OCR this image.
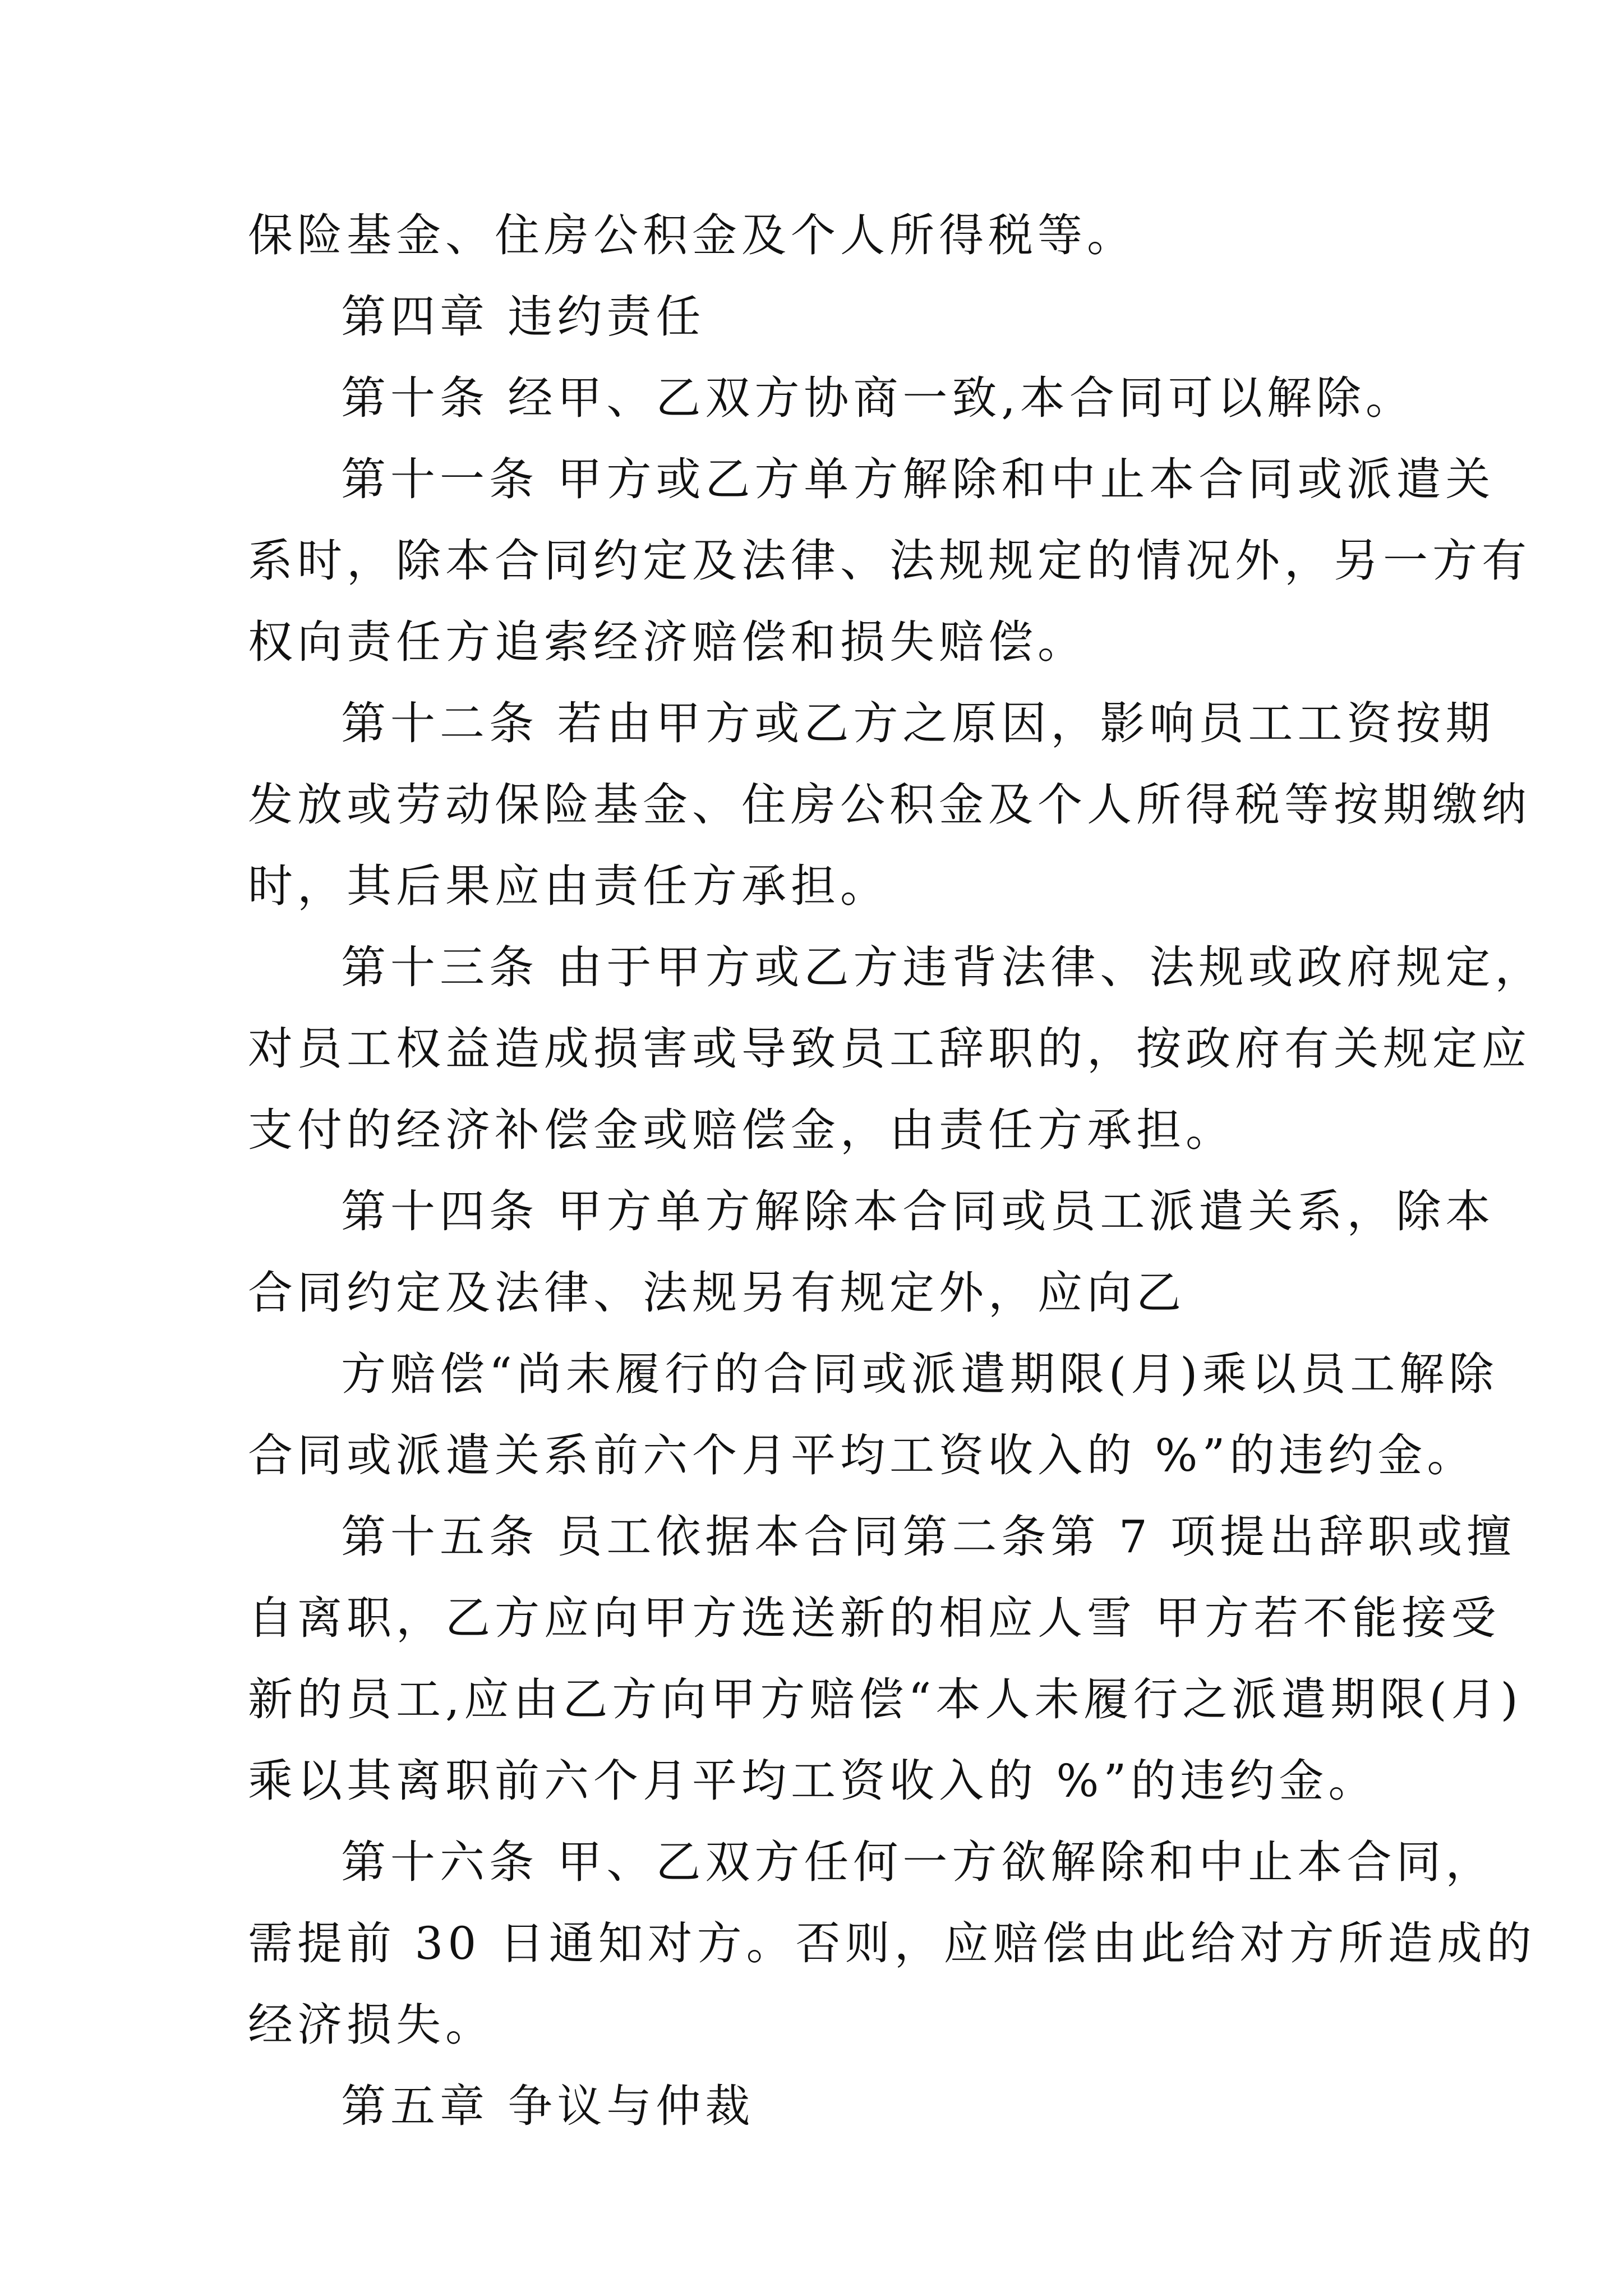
保险基金、住房公积金及个人所得税等。
第四章 违约责任
第十条 经甲、乙双方协商一致,本合同可以解除。
第十一条 甲方或乙方单方解除和中止本合同或派遣关
系时，除本合同约定及法律、法规规定的情况外，另一方有
权向责任方追索经济赔偿和损失赔偿。
第十二条 若由甲方或乙方之原因，影响员工工资按期
发放或劳动保险基金、住房公积金及个人所得税等按期缴纳
时，其后果应由责任方承担。
第十三条 由于甲方或乙方违背法律、法规或政府规定，
对员工权益造成损害或导致员工辞职的，按政府有关规定应
支付的经济补偿金或赔偿金，由责任方承担。
第十四条 甲方单方解除本合同或员工派遣关系，除本
合同约定及法律、法规另有规定外，应向乙
方赔偿“尚未履行的合同或派遣期限(月)乘以员工解除
合同或派遣关系前六个月平均工资收入的 %”的违约金。
第十五条 员工依据本合同第二条第 7 项提出辞职或擅
自离职，乙方应向甲方选送新的相应人雪 甲方若不能接受
新的员工,应由乙方向甲方赔偿“本人未履行之派遣期限(月)
乘以其离职前六个月平均工资收入的 %”的违约金。
第十六条 甲、乙双方任何一方欲解除和中止本合同，
需提前 30 日通知对方。否则，应赔偿由此给对方所造成的
经济损失。
第五章 争议与仲裁
